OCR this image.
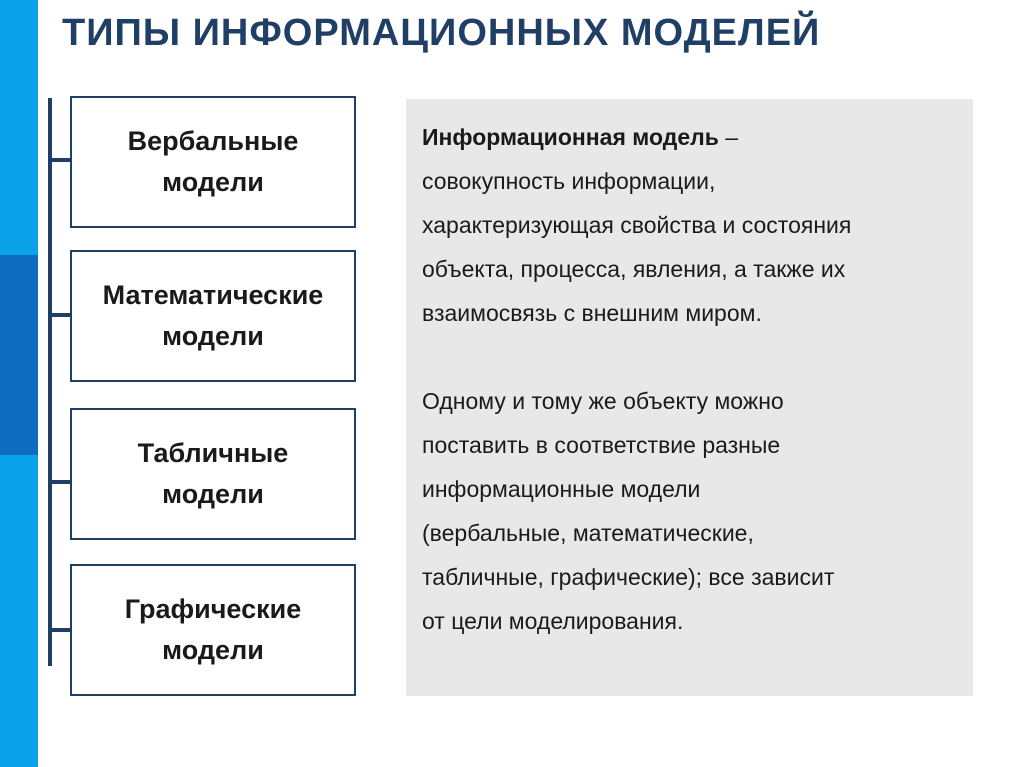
ТИПЫ ИНФОРМАЦИОННЫХ МОДЕЛЕЙ
Вербальные
модели
Математические
модели
Табличные
модели
Графические
модели

Информационная модель –

совокупность информации,

характеризующая свойства и состояния

объекта, процесса, явления, а также их

взаимосвязь с внешним миром.

Одному и тому же объекту можно

поставить в соответствие разные

информационные модели

(вербальные, математические,

табличные, графические); все зависит

от цели моделирования.
